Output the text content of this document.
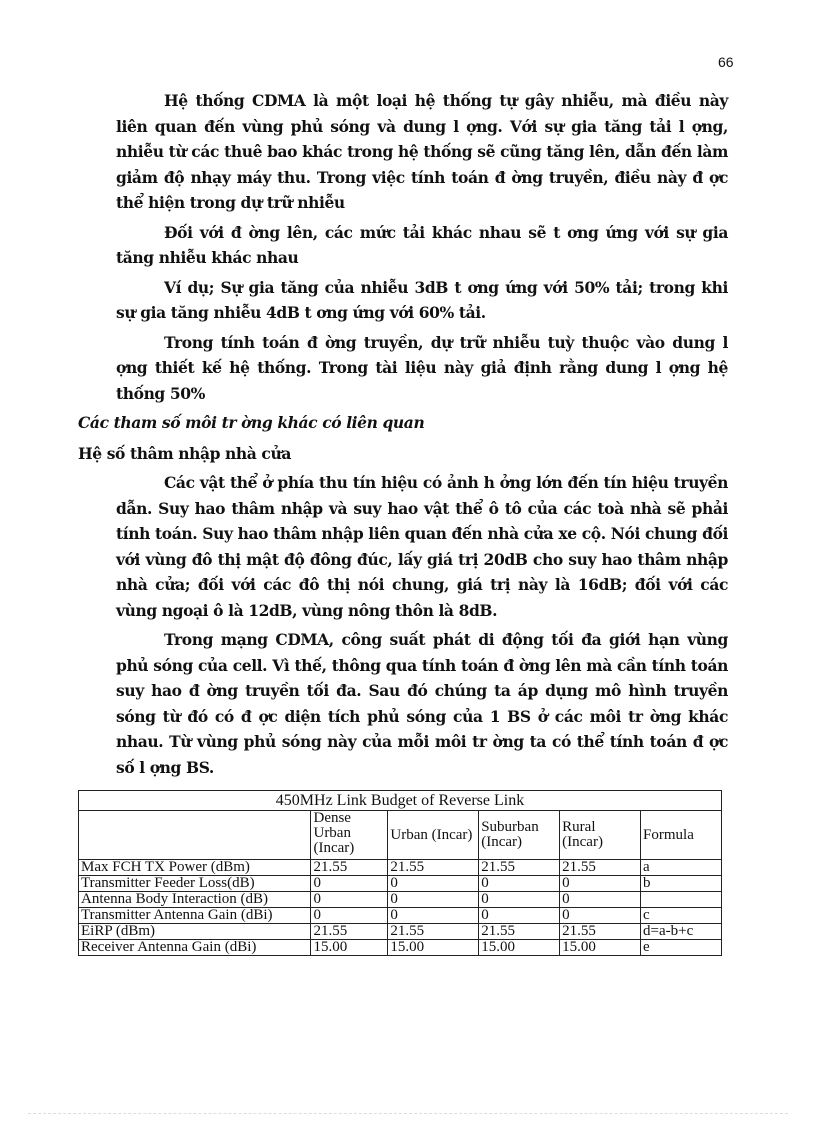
66

Hệ thống CDMA là một loại hệ thống tự gây nhiễu, mà điều này liên quan đến vùng phủ sóng và dung l ợng. Với sự gia tăng tải l ợng, nhiễu từ các thuê bao khác trong hệ thống sẽ cũng tăng lên, dẫn đến làm giảm độ nhạy máy thu. Trong việc tính toán đ ờng truyền, điều này đ ợc thể hiện trong dự trữ nhiễu

Đối với đ ờng lên, các mức tải khác nhau sẽ t ơng ứng với sự gia tăng nhiễu khác nhau

Ví dụ; Sự gia tăng của nhiễu 3dB t ơng ứng với 50% tải; trong khi sự gia tăng nhiễu 4dB t ơng ứng với 60% tải.

Trong tính toán đ ờng truyền, dự trữ nhiễu tuỳ thuộc vào dung l ợng thiết kế hệ thống. Trong tài liệu này giả định rằng dung l ợng hệ thống 50%

Các tham số môi tr ờng khác có liên quan
Hệ số thâm nhập nhà cửa

Các vật thể ở phía thu tín hiệu có ảnh h ởng lớn đến tín hiệu truyền dẫn. Suy hao thâm nhập và suy hao vật thể ô tô của các toà nhà sẽ phải tính toán. Suy hao thâm nhập liên quan đến nhà cửa xe cộ. Nói chung đối với vùng đô thị mật độ đông đúc, lấy giá trị 20dB cho suy hao thâm nhập nhà cửa; đối với các đô thị nói chung, giá trị này là 16dB; đối với các vùng ngoại ô là 12dB, vùng nông thôn là 8dB.

Trong mạng CDMA, công suất phát di động tối đa giới hạn vùng phủ sóng của cell. Vì thế, thông qua tính toán đ ờng lên mà cần tính toán suy hao đ ờng truyền tối đa. Sau đó chúng ta áp dụng mô hình truyền sóng từ đó có đ ợc diện tích phủ sóng của 1 BS ở các môi tr ờng khác nhau. Từ vùng phủ sóng này của mỗi môi tr ờng ta có thể tính toán đ ợc số l ợng BS.

450MHz Link Budget of Reverse Link					
	Dense Urban (Incar)	Urban (Incar)	Suburban (Incar)	Rural (Incar)	Formula
Max FCH TX Power (dBm)	21.55	21.55	21.55	21.55	a
Transmitter Feeder Loss(dB)	0	0	0	0	b
Antenna Body Interaction (dB)	0	0	0	0	
Transmitter Antenna Gain (dBi)	0	0	0	0	c
EiRP (dBm)	21.55	21.55	21.55	21.55	d=a-b+c
Receiver Antenna Gain (dBi)	15.00	15.00	15.00	15.00	e
